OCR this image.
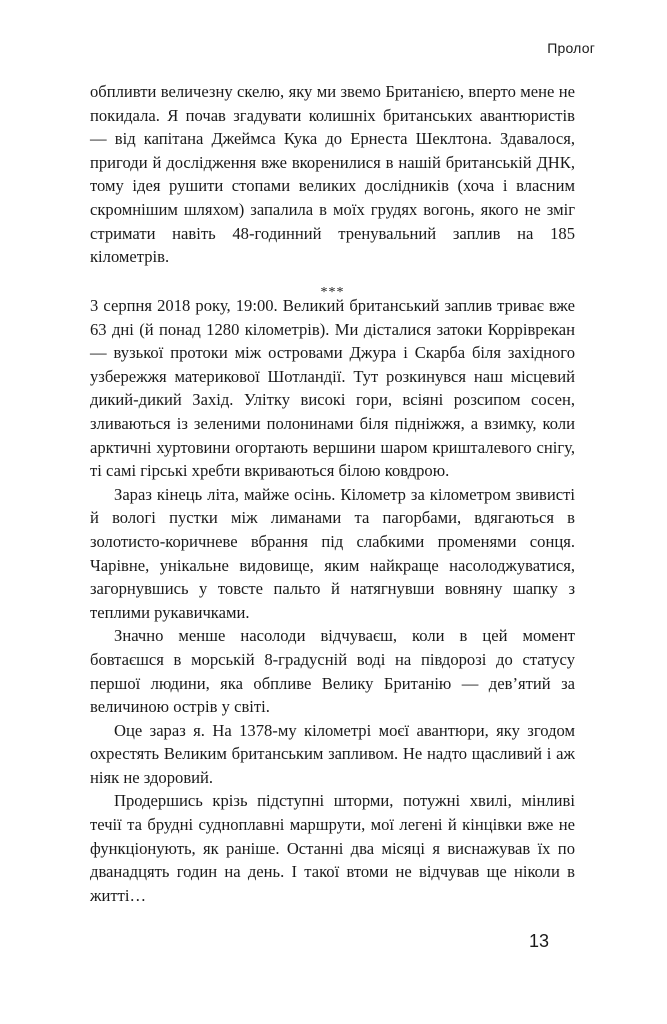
Пролог

обпливти величезну скелю, яку ми звемо Британією, вперто мене не покидала. Я почав згадувати колишніх британських авантюристів — від капітана Джеймса Кука до Ернеста Шеклтона. Здавалося, пригоди й дослідження вже вкоренилися в нашій британській ДНК, тому ідея рушити стопами великих дослідників (хоча і власним скромнішим шляхом) запалила в моїх грудях вогонь, якого не зміг стримати навіть 48-годинний тренувальний заплив на 185 кілометрів.

***

3 серпня 2018 року, 19:00. Великий британський заплив триває вже 63 дні (й понад 1280 кілометрів). Ми дісталися затоки Корріврекан — вузької протоки між островами Джура і Скарба біля західного узбережжя материкової Шотландії. Тут розкинувся наш місцевий дикий-дикий Захід. Улітку високі гори, всіяні розсипом сосен, зливаються із зеленими полонинами біля підніжжя, а взимку, коли арктичні хуртовини огортають вершини шаром кришталевого снігу, ті самі гірські хребти вкриваються білою ковдрою.

Зараз кінець літа, майже осінь. Кілометр за кілометром звивисті й вологі пустки між лиманами та пагорбами, вдягаються в золотисто-коричневе вбрання під слабкими променями сонця. Чарівне, унікальне видовище, яким найкраще насолоджуватися, загорнувшись у товсте пальто й натягнувши вовняну шапку з теплими рукавичками.

Значно менше насолоди відчуваєш, коли в цей момент бовтаєшся в морській 8-градусній воді на півдорозі до статусу першої людини, яка обпливе Велику Британію — дев’ятий за величиною острів у світі.

Оце зараз я. На 1378-му кілометрі моєї авантюри, яку згодом охрестять Великим британським запливом. Не надто щасливий і аж ніяк не здоровий.

Продершись крізь підступні шторми, потужні хвилі, мінливі течії та брудні судноплавні маршрути, мої легені й кінцівки вже не функціонують, як раніше. Останні два місяці я виснажував їх по дванадцять годин на день. І такої втоми не відчував ще ніколи в житті…

13
